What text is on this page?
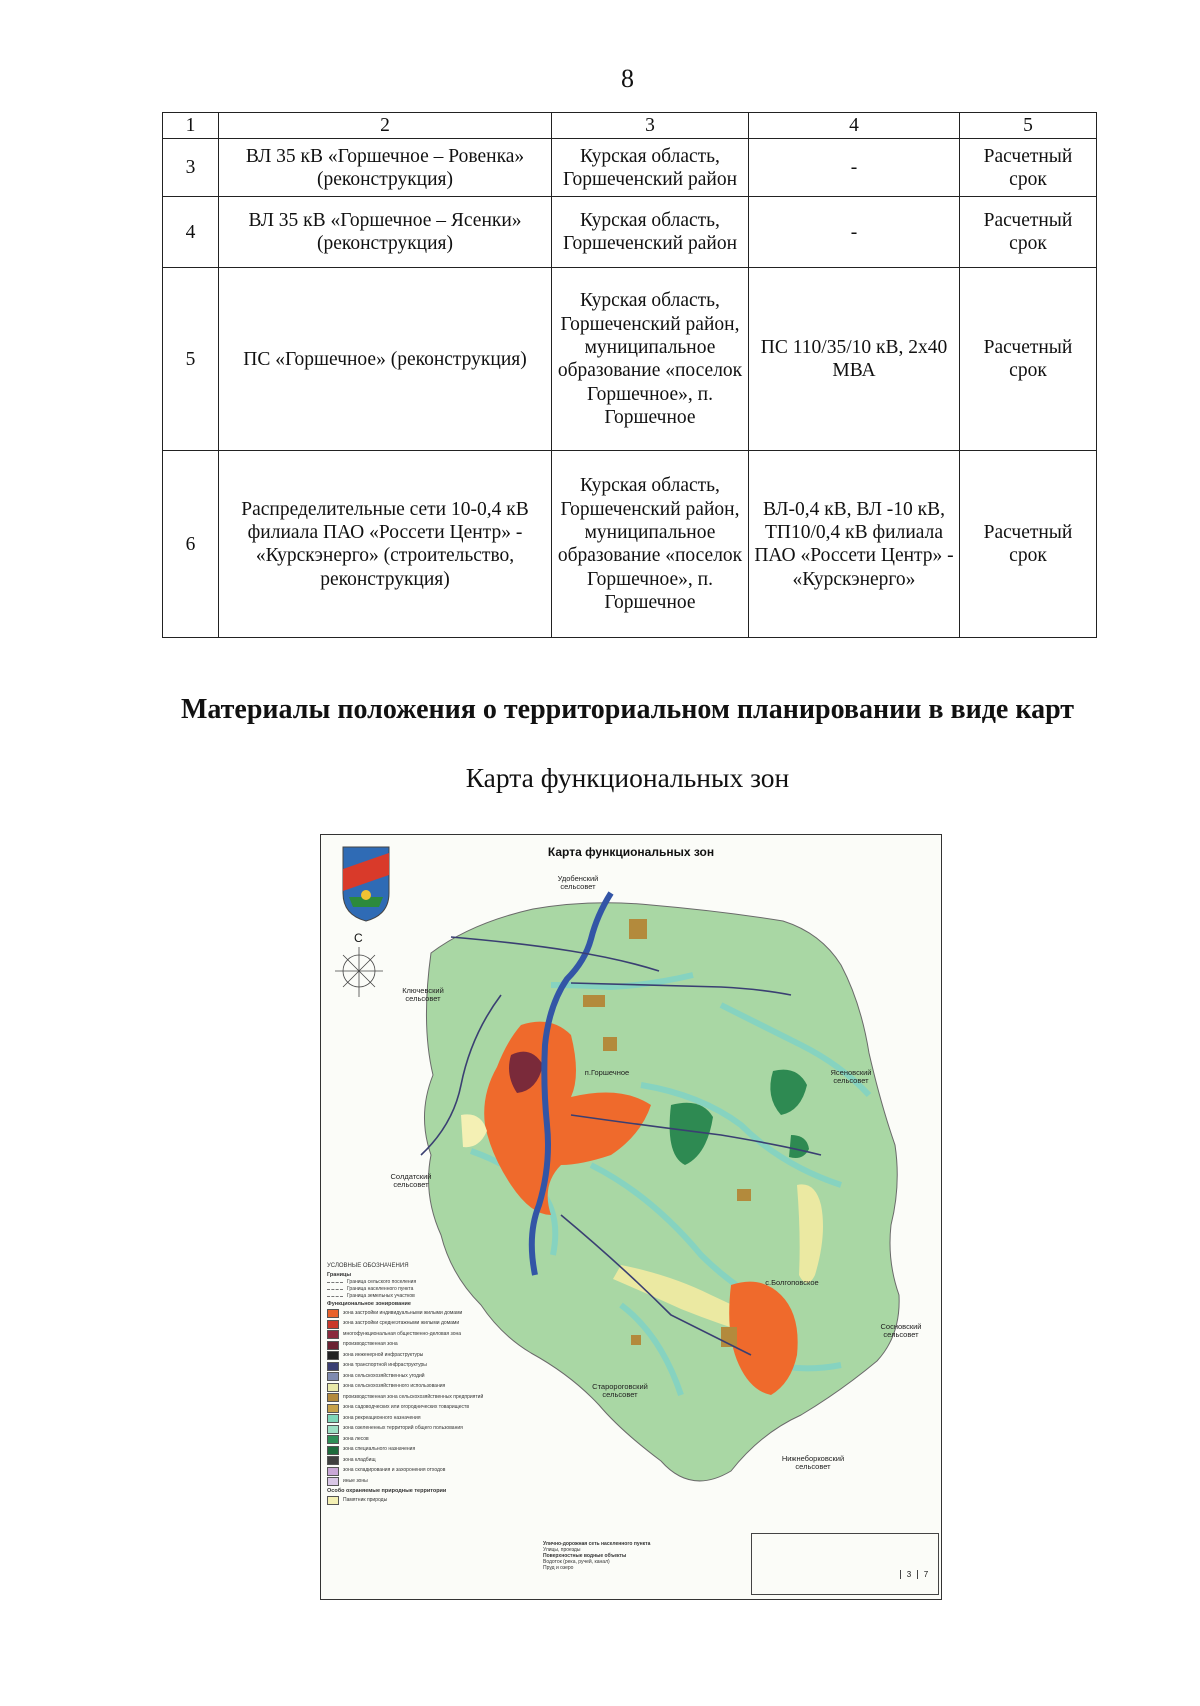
8
1	2	3	4	5
3	ВЛ 35 кВ «Горшечное – Ровенка» (реконструкция)	Курская область, Горшеченский район	-	Расчетный срок
4	ВЛ 35 кВ «Горшечное – Ясенки» (реконструкция)	Курская область, Горшеченский район	-	Расчетный срок
5	ПС «Горшечное» (реконструкция)	Курская область, Горшеченский район, муниципальное образование «поселок Горшечное», п. Горшечное	ПС 110/35/10 кВ, 2х40 МВА	Расчетный срок
6	Распределительные сети 10-0,4 кВ филиала ПАО «Россети Центр» - «Курскэнерго» (строительство, реконструкция)	Курская область, Горшеченский район, муниципальное образование «поселок Горшечное», п. Горшечное	ВЛ-0,4 кВ, ВЛ -10 кВ, ТП10/0,4 кВ филиала ПАО «Россети Центр» - «Курскэнерго»	Расчетный срок
Материалы положения о территориальном планировании в виде карт
Карта функциональных зон
Карта функциональных зон
С
Удобенский
сельсовет
Ключевский
сельсовет
п.Горшечное	Ясеновский
сельсовет
Солдатский
сельсовет
с.Болгоповское
Сосновский
сельсовет
Старороговский
сельсовет
Нижнеборковский
сельсовет
УСЛОВНЫЕ ОБОЗНАЧЕНИЯ
Границы
Граница сельского поселения
Граница населенного пункта
Граница земельных участков
Функциональное зонирование
зона застройки индивидуальными жилыми домами
зона застройки среднеэтажными жилыми домами
многофункциональная общественно-деловая зона
производственная зона
зона инженерной инфраструктуры
зона транспортной инфраструктуры
зона сельскохозяйственных угодий
зона сельскохозяйственного использования
производственная зона сельскохозяйственных предприятий
зона садоводческих или огороднических товариществ
зона рекреационного назначения
зона озелененных территорий общего пользования
зона лесов
зона специального назначения
зона кладбищ
зона складирования и захоронения отходов
иные зоны
Особо охраняемые природные территории
Памятник природы
Улично-дорожная сеть населенного пункта
Улицы, проезды
Поверхностные водные объекты
Водоток (река, ручей, канал)
Пруд и озеро
3 7
